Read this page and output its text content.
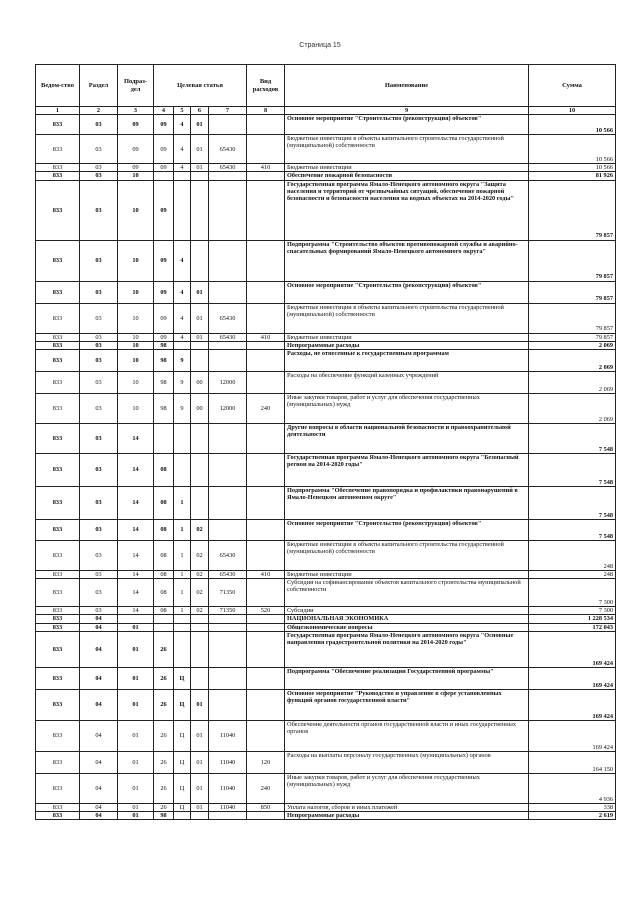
Страница 15
Ведом-ство	Раздел	Подраз-дел	Целевая статья				Вид расходов	Наименование	Сумма
1	2	3	4	5	6	7	8	9	10
833	03	09	09	4	01			Основное мероприятие "Строительство (реконструкция) объектов"	10 566
833	03	09	09	4	01	65430		Бюджетные инвестиции в объекты капитального строительства государственной (муниципальной) собственности	10 566
833	03	09	09	4	01	65430	410	Бюджетные инвестиции	10 566
833	03	10						Обеспечение пожарной безопасности	81 926
833	03	10	09					Государственная программа Ямало-Ненецкого автономного округа "Защита населения и территорий от чрезвычайных ситуаций, обеспечение пожарной безопасности и безопасности населения на водных объектах на 2014-2020 годы"	79 857
833	03	10	09	4				Подпрограмма "Строительство объектов противопожарной службы и аварийно-спасательных формирований Ямало-Ненецкого автономного округа"	79 857
833	03	10	09	4	01			Основное мероприятие "Строительство (реконструкция) объектов"	79 857
833	03	10	09	4	01	65430		Бюджетные инвестиции в объекты капитального строительства государственной (муниципальной) собственности	79 857
833	03	10	09	4	01	65430	410	Бюджетные инвестиции	79 857
833	03	10	98					Непрограммные расходы	2 069
833	03	10	98	9				Расходы, не отнесенные к государственным программам	2 069
833	03	10	98	9	00	12000		Расходы на обеспечение функций казенных учреждений	2 069
833	03	10	98	9	00	12000	240	Иные закупки товаров, работ и услуг для обеспечения государственных (муниципальных) нужд	2 069
833	03	14						Другие вопросы в области национальной безопасности и правоохранительной деятельности	7 548
833	03	14	08					Государственная программа Ямало-Ненецкого автономного округа "Безопасный регион на 2014-2020 годы"	7 548
833	03	14	08	1				Подпрограмма "Обеспечение правопорядка и профилактики правонарушений в Ямало-Ненецком автономном округе"	7 548
833	03	14	08	1	02			Основное мероприятие "Строительство (реконструкция) объектов"	7 548
833	03	14	08	1	02	65430		Бюджетные инвестиции в объекты капитального строительства государственной (муниципальной) собственности	248
833	03	14	08	1	02	65430	410	Бюджетные инвестиции	248
833	03	14	08	1	02	71350		Субсидии на софинансирование объектов капитального строительства муниципальной собственности	7 300
833	03	14	08	1	02	71350	520	Субсидии	7 300
833	04							НАЦИОНАЛЬНАЯ ЭКОНОМИКА	1 228 534
833	04	01						Общеэкономические вопросы	172 043
833	04	01	26					Государственная программа Ямало-Ненецкого автономного округа "Основные направления градостроительной политики на 2014-2020 годы"	169 424
833	04	01	26	Ц				Подпрограмма "Обеспечение реализации Государственной программы"	169 424
833	04	01	26	Ц	01			Основное мероприятие "Руководство и управление в сфере установленных функций органов государственной власти"	169 424
833	04	01	26	Ц	01	11040		Обеспечение деятельности органов государственной власти и иных государственных органов	169 424
833	04	01	26	Ц	01	11040	120	Расходы на выплаты персоналу государственных (муниципальных) органов	164 150
833	04	01	26	Ц	01	11040	240	Иные закупки товаров, работ и услуг для обеспечения государственных (муниципальных) нужд	4 936
833	04	01	26	Ц	01	11040	850	Уплата налогов, сборов и иных платежей	338
833	04	01	98					Непрограммные расходы	2 619
